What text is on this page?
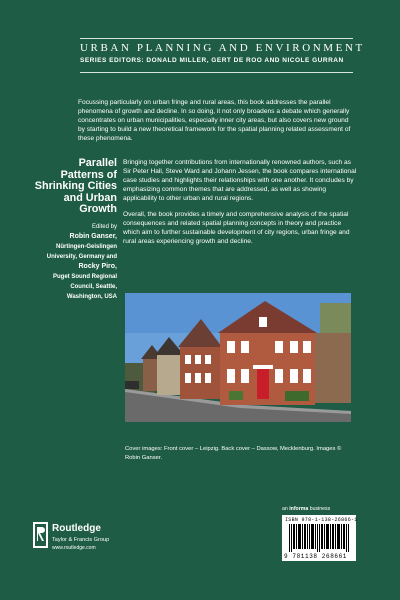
URBAN PLANNING AND ENVIRONMENT
SERIES EDITORS: DONALD MILLER, GERT DE ROO AND NICOLE GURRAN
Focussing particularly on urban fringe and rural areas, this book addresses the parallel phenomena of growth and decline. In so doing, it not only broadens a debate which generally concentrates on urban municipalities, especially inner city areas, but also covers new ground by starting to build a new theoretical framework for the spatial planning related assessment of these phenomena.
Parallel Patterns of Shrinking Cities and Urban Growth
Edited by
Robin Ganser,
Nürtingen-Geislingen University, Germany and
Rocky Piro,
Puget Sound Regional Council, Seattle, Washington, USA

Bringing together contributions from internationally renowned authors, such as Sir Peter Hall, Steve Ward and Johann Jessen, the book compares international case studies and highlights their relationships with one another. It concludes by emphasizing common themes that are addressed, as well as showing applicability to other urban and rural regions.

Overall, the book provides a timely and comprehensive analysis of the spatial consequences and related spatial planning concepts in theory and practice which aim to further sustainable development of city regions, urban fringe and rural areas experiencing growth and decline.

Cover images: Front cover – Leipzig. Back cover – Dassow, Mecklenburg. Images © Robin Ganser.
an informa business
ISBN 978-1-138-26866-1
9 781138 268661
Routledge
Taylor & Francis Group
www.routledge.com
